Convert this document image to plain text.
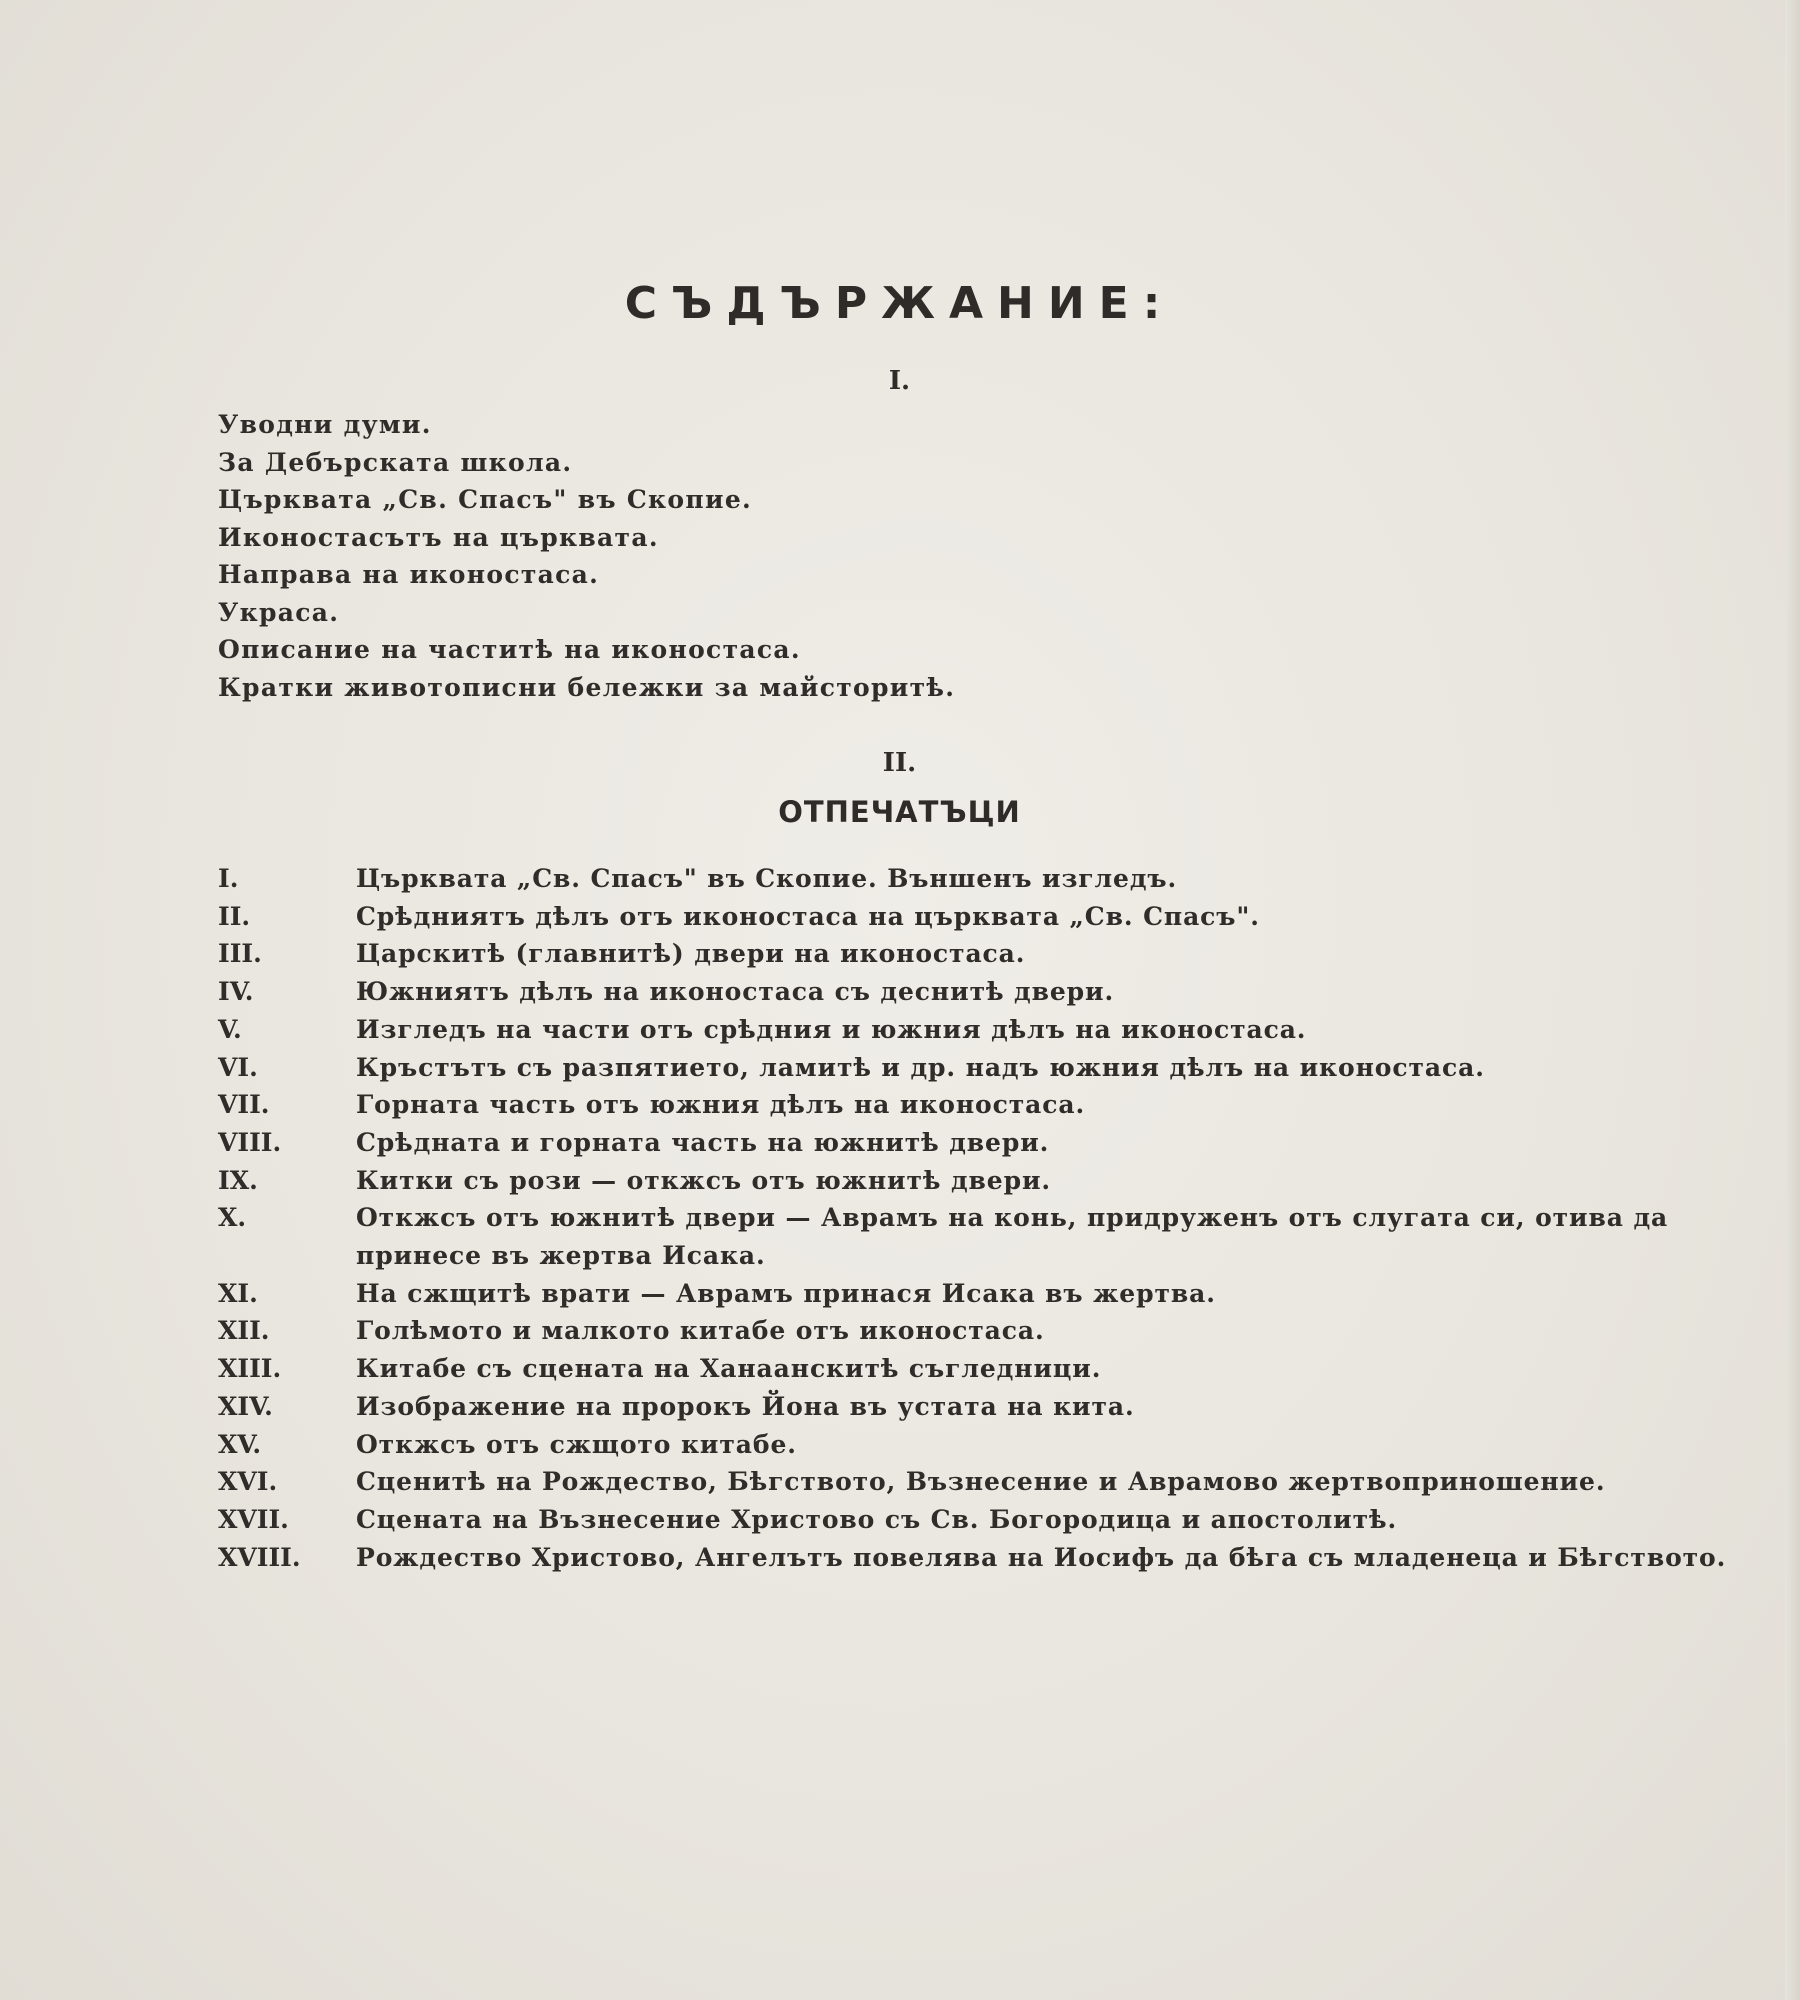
СЪДЪРЖАНИЕ:
I.
Уводни думи.
За Дебърската школа.
Църквата „Св. Спасъ" въ Скопие.
Иконостасътъ на църквата.
Направа на иконостаса.
Украса.
Описание на частитѣ на иконостаса.
Кратки животописни бележки за майсторитѣ.
II.
ОТПЕЧАТЪЦИ
I.	Църквата „Св. Спасъ" въ Скопие. Външенъ изгледъ.
II.	Срѣдниятъ дѣлъ отъ иконостаса на църквата „Св. Спасъ".
III.	Царскитѣ (главнитѣ) двери на иконостаса.
IV.	Южниятъ дѣлъ на иконостаса съ деснитѣ двери.
V.	Изгледъ на части отъ срѣдния и южния дѣлъ на иконостаса.
VI.	Кръстътъ съ разпятието, ламитѣ и др. надъ южния дѣлъ на иконостаса.
VII.	Горната часть отъ южния дѣлъ на иконостаса.
VIII.	Срѣдната и горната часть на южнитѣ двери.
IX.	Китки съ рози — откжсъ отъ южнитѣ двери.
X.	Откжсъ отъ южнитѣ двери — Аврамъ на конь, придруженъ отъ слугата си, отива да
принесе въ жертва Исака.
XI.	На сжщитѣ врати — Аврамъ принася Исака въ жертва.
XII.	Голѣмото и малкото китабе отъ иконостаса.
XIII.	Китабе съ сцената на Ханаанскитѣ съгледници.
XIV.	Изображение на пророкъ Йона въ устата на кита.
XV.	Откжсъ отъ сжщото китабе.
XVI.	Сценитѣ на Рождество, Бѣгството, Възнесение и Аврамово жертвоприношение.
XVII.	Сцената на Възнесение Христово съ Св. Богородица и апостолитѣ.
XVIII.	Рождество Христово, Ангелътъ повелява на Иосифъ да бѣга съ младенеца и Бѣгството.
